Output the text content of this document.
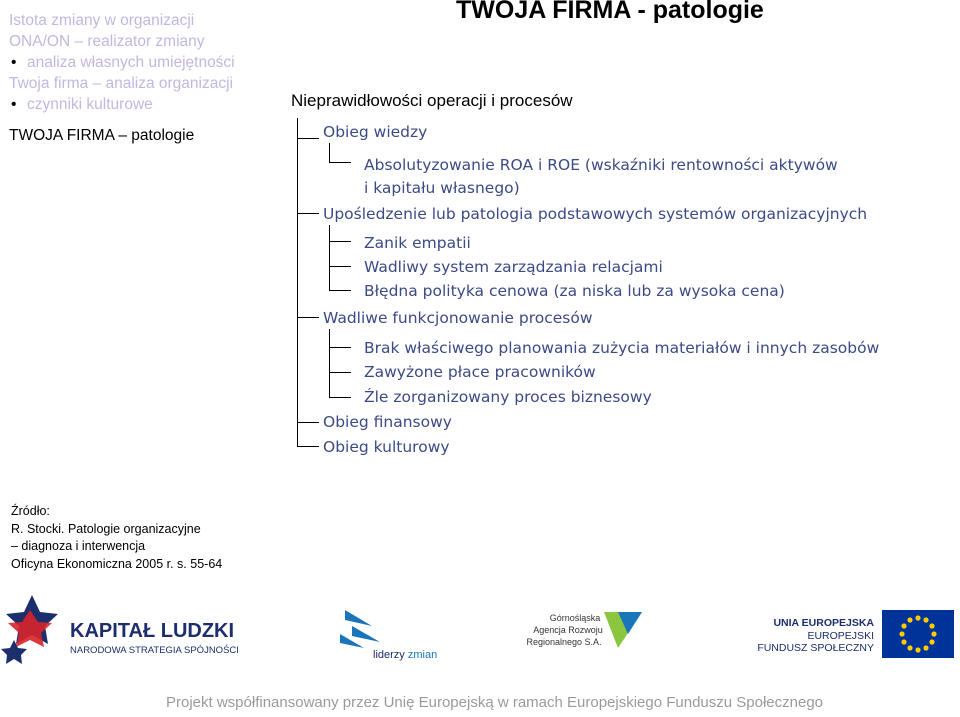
Istota zmiany w organizacji
ONA/ON – realizator zmiany
• analiza własnych umiejętności
Twoja firma – analiza organizacji
• czynniki kulturowe
TWOJA FIRMA – patologie
TWOJA FIRMA - patologie
Nieprawidłowości operacji i procesów
Obieg wiedzy
Absolutyzowanie ROA i ROE (wskaźniki rentowności aktywów
i kapitału własnego)
Upośledzenie lub patologia podstawowych systemów organizacyjnych
Zanik empatii
Wadliwy system zarządzania relacjami
Błędna polityka cenowa (za niska lub za wysoka cena)
Wadliwe funkcjonowanie procesów
Brak właściwego planowania zużycia materiałów i innych zasobów
Zawyżone płace pracowników
Źle zorganizowany proces biznesowy
Obieg finansowy
Obieg kulturowy
Źródło:
R. Stocki. Patologie organizacyjne
– diagnoza i interwencja
Oficyna Ekonomiczna 2005 r. s. 55-64
KAPITAŁ LUDZKI
NARODOWA STRATEGIA SPÓJNOŚCI	liderzy zmian
Górnośląska
Agencja Rozwoju
Regionalnego S.A.
UNIA EUROPEJSKA
EUROPEJSKI
FUNDUSZ SPOŁECZNY
Projekt współfinansowany przez Unię Europejską w ramach Europejskiego Funduszu Społecznego
